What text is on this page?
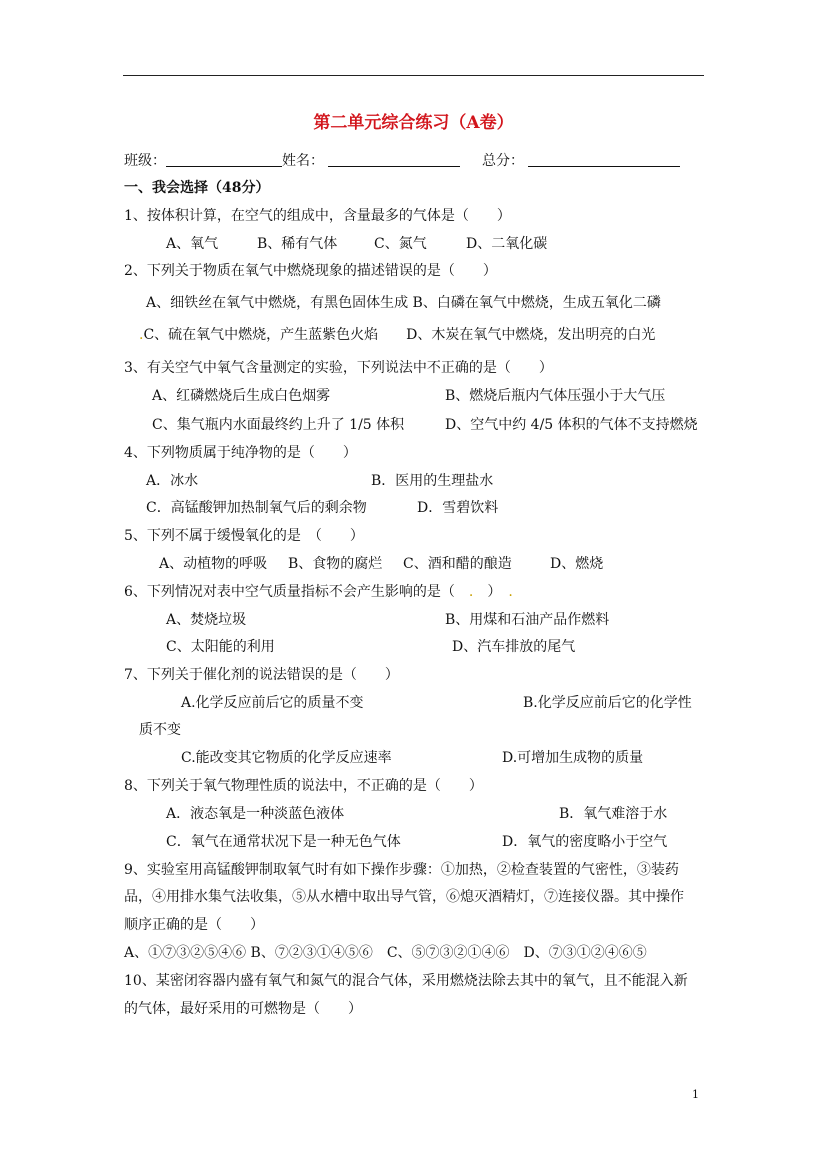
第二单元综合练习（A卷）
班级：	姓名：	总分：
一、我会选择（48分）
1、按体积计算，在空气的组成中，含量最多的气体是（　　）
A、氧气	B、稀有气体	C、氮气	D、二氧化碳
2、下列关于物质在氧气中燃烧现象的描述错误的是（　　）
A、细铁丝在氧气中燃烧，有黑色固体生成 B、白磷在氧气中燃烧，生成五氧化二磷
.C、硫在氧气中燃烧，产生蓝紫色火焰　　D、木炭在氧气中燃烧，发出明亮的白光
3、有关空气中氧气含量测定的实验，下列说法中不正确的是（　　）
A、红磷燃烧后生成白色烟雾	B、燃烧后瓶内气体压强小于大气压
C、集气瓶内水面最终约上升了 1/5 体积	D、空气中约 4/5 体积的气体不支持燃烧
4、下列物质属于纯净物的是（　　）
A．冰水	B．医用的生理盐水
C．高锰酸钾加热制氧气后的剩余物	D．雪碧饮料
5、下列不属于缓慢氧化的是　（　　）
A、动植物的呼吸 B、食物的腐烂 C、酒和醋的酿造	D、燃烧
6、下列情况对表中空气质量指标不会产生影响的是（　.　）　.
A、焚烧垃圾	B、用煤和石油产品作燃料
C、太阳能的利用	D、汽车排放的尾气
7、下列关于催化剂的说法错误的是（　　）
A.化学反应前后它的质量不变	B.化学反应前后它的化学性
质不变
C.能改变其它物质的化学反应速率	D.可增加生成物的质量
8、下列关于氧气物理性质的说法中，不正确的是（　　）
A．液态氧是一种淡蓝色液体	B．氧气难溶于水
C．氧气在通常状况下是一种无色气体	D．氧气的密度略小于空气
9、实验室用高锰酸钾制取氧气时有如下操作步骤：①加热，②检查装置的气密性，③装药
品，④用排水集气法收集，⑤从水槽中取出导气管，⑥熄灭酒精灯，⑦连接仪器。其中操作
顺序正确的是（　　）
A、①⑦③②⑤④⑥ B、⑦②③①④⑤⑥　C、⑤⑦③②①④⑥　D、⑦③①②④⑥⑤
10、某密闭容器内盛有氧气和氮气的混合气体，采用燃烧法除去其中的氧气，且不能混入新
的气体，最好采用的可燃物是（　　）
1
